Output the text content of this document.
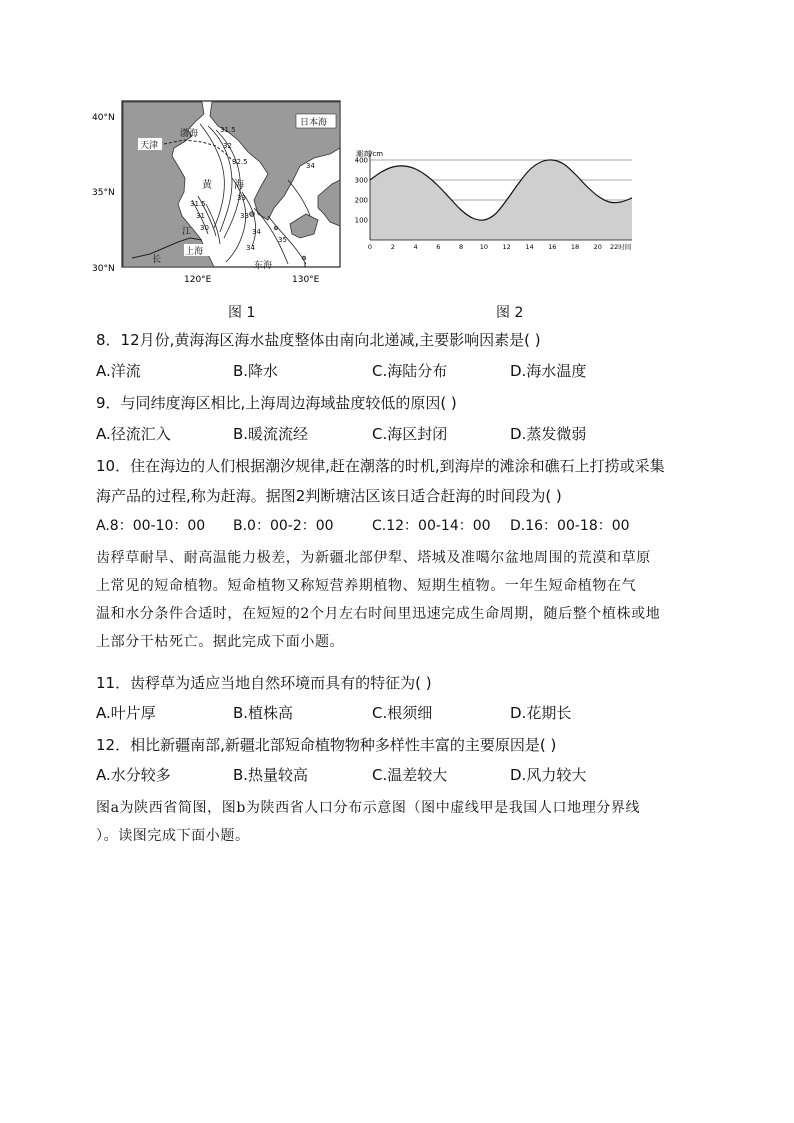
40°N
35°N
30°N
120°E	130°E
31.5
32
32.5
31.5
31
30
33
33
34
34
35
34
天津
渤海
黄 海
日本海
江
长
上海
东海
潮高/cm
400
300
200
100
0	2	4	6	8	10 12 14 16 18 20 22时间
图 1	图 2
8．12月份,黄海海区海水盐度整体由南向北递减,主要影响因素是( )
A.洋流	B.降水	C.海陆分布	D.海水温度
9．与同纬度海区相比,上海周边海域盐度较低的原因( )
A.径流汇入	B.暖流流经	C.海区封闭	D.蒸发微弱
10．住在海边的人们根据潮汐规律,赶在潮落的时机,到海岸的滩涂和礁石上打捞或采集
海产品的过程,称为赶海。据图2判断塘沽区该日适合赶海的时间段为( )
A.8：00-10：00 B.0：00-2：00	C.12：00-14：00 D.16：00-18：00
齿稃草耐旱、耐高温能力极差，为新疆北部伊犁、塔城及准噶尔盆地周围的荒漠和草原
上常见的短命植物。短命植物又称短营养期植物、短期生植物。一年生短命植物在气
温和水分条件合适时，在短短的2个月左右时间里迅速完成生命周期，随后整个植株或地
上部分干枯死亡。据此完成下面小题。
11．齿稃草为适应当地自然环境而具有的特征为( )
A.叶片厚	B.植株高	C.根须细	D.花期长
12．相比新疆南部,新疆北部短命植物物种多样性丰富的主要原因是( )
A.水分较多	B.热量较高	C.温差较大	D.风力较大
图a为陕西省简图，图b为陕西省人口分布示意图（图中虚线甲是我国人口地理分界线
）。读图完成下面小题。
